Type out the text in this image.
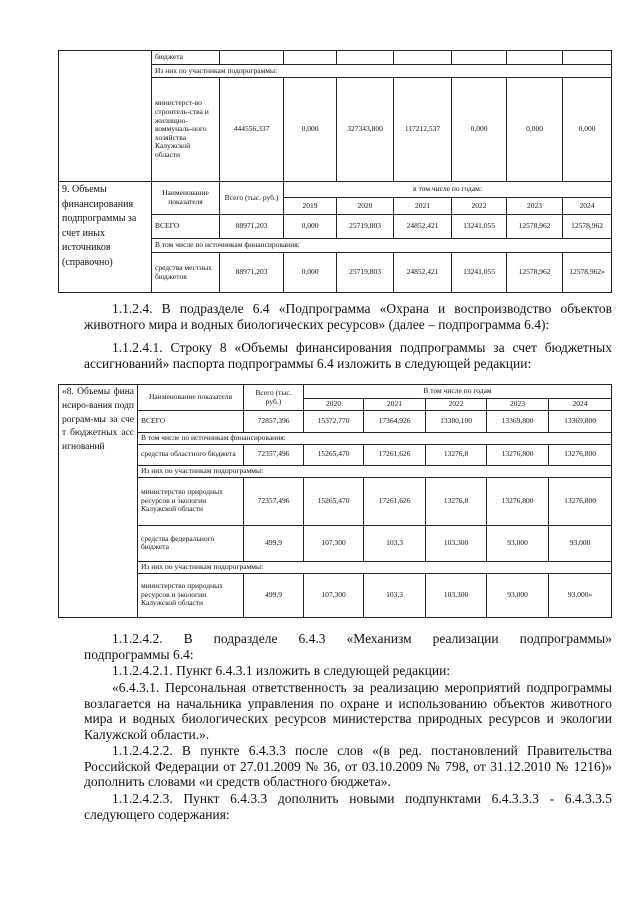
	бюджета							
	Из них по участникам подпрограммы:							
	министерст-во строитель-ства и жилищно-коммуналь-ного хозяйства Калужской области	444556,337	0,000	327343,800	117212,537	0,000	0,000	0,000
9. Объемы финансирования подпрограммы за счет иных источников (справочно)	Наименование показателя	Всего (тыс. руб.)	в том числе по годам:					
			2019	2020	2021	2022	2023	2024
	ВСЕГО	88971,203	0,000	25719,803	24852,421	13241,055	12578,962	12578,962
	В том числе по источникам финансирования:							
	средства местных бюджетов	88971,203	0,000	25719,803	24852,421	13241,055	12578,962	12578,962»

1.1.2.4. В подразделе 6.4 «Подпрограмма «Охрана и воспроизводство объектов животного мира и водных биологических ресурсов» (далее – подпрограмма 6.4):

1.1.2.4.1. Строку 8 «Объемы финансирования подпрограммы за счет бюджетных ассигнований» паспорта подпрограммы 6.4 изложить в следующей редакции:

«8. Объемы финансиро-вания подпрограм-мы за счет бюджетных ассигнований	Наименование показателя	Всего (тыс. руб.)	В том числе по годам				
			2020	2021	2022	2023	2024
	ВСЕГО	72857,396	15372,770	17364,926	13380,100	13369,800	13369,800
	В том числе по источникам финансирования:						
	средства областного бюджета	72357,496	15265,470	17261,626	13276,8	13276,800	13276,800
	Из них по участникам подпрограммы:						
	министерство природных ресурсов и экологии Калужской области	72357,496	15265,470	17261,626	13276,8	13276,800	13276,800
	средства федерального бюджета	499,9	107,300	103,3	103,300	93,000	93,000
	Из них по участникам подпрограммы:						
	министерство природных ресурсов и экологии Калужской области	499,9	107,300	103,3	103,300	93,000	93,000»

1.1.2.4.2. В подразделе 6.4.3 «Механизм реализации подпрограммы»

подпрограммы 6.4:

1.1.2.4.2.1. Пункт 6.4.3.1 изложить в следующей редакции:

«6.4.3.1. Персональная ответственность за реализацию мероприятий подпрограммы возлагается на начальника управления по охране и использованию объектов животного мира и водных биологических ресурсов министерства природных ресурсов и экологии Калужской области.».

1.1.2.4.2.2. В пункте 6.4.3.3 после слов «(в ред. постановлений Правительства Российской Федерации от 27.01.2009 № 36, от 03.10.2009 № 798, от 31.12.2010 № 1216)» дополнить словами «и средств областного бюджета».

1.1.2.4.2.3. Пункт 6.4.3.3 дополнить новыми подпунктами 6.4.3.3.3 - 6.4.3.3.5 следующего содержания:
